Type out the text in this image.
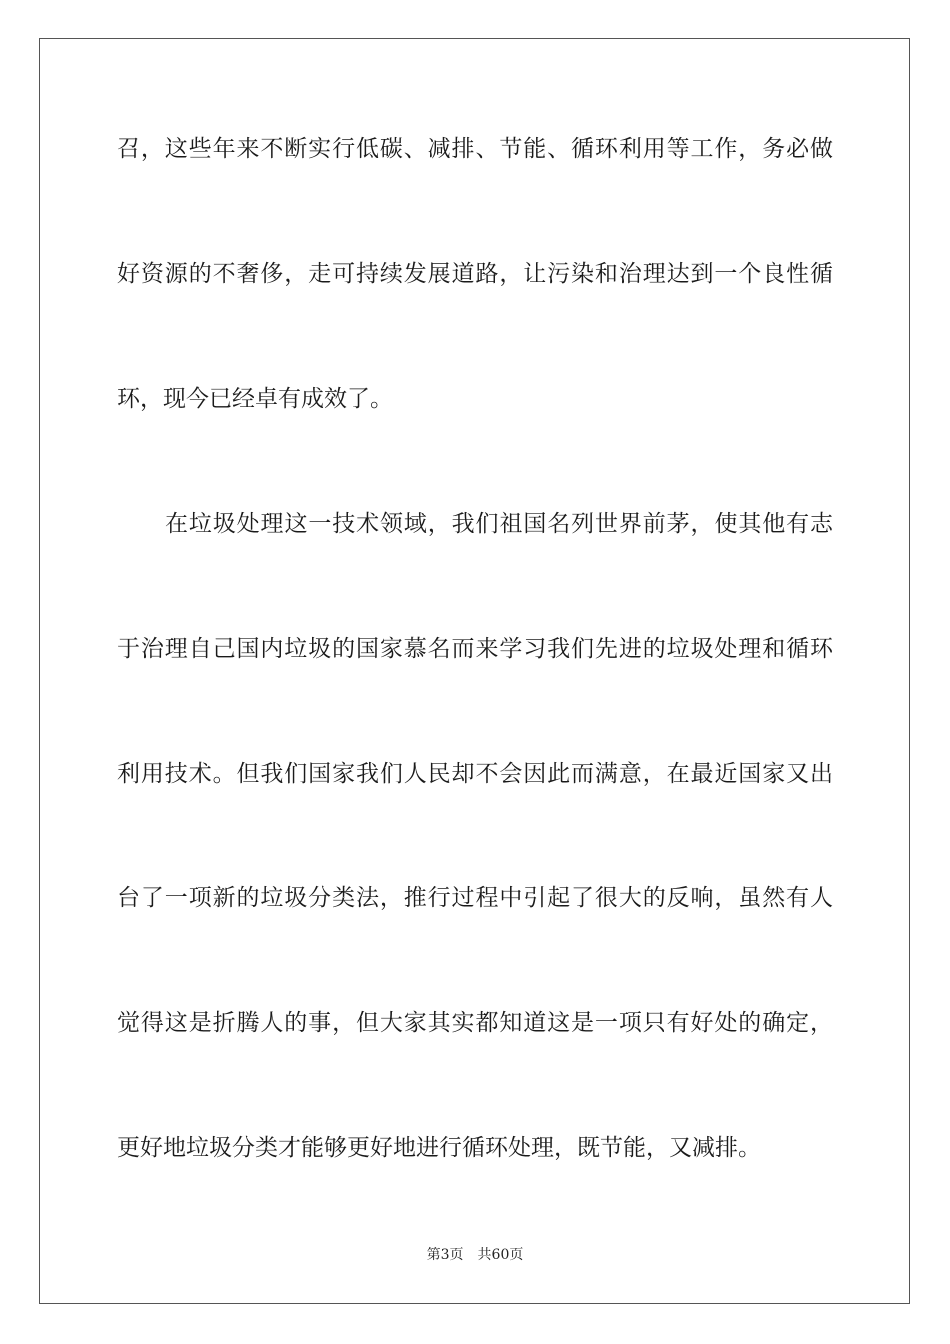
召，这些年来不断实行低碳、减排、节能、循环利用等工作，务必做
好资源的不奢侈，走可持续发展道路，让污染和治理达到一个良性循
环，现今已经卓有成效了。
在垃圾处理这一技术领域，我们祖国名列世界前茅，使其他有志
于治理自己国内垃圾的国家慕名而来学习我们先进的垃圾处理和循环
利用技术。但我们国家我们人民却不会因此而满意，在最近国家又出
台了一项新的垃圾分类法，推行过程中引起了很大的反响，虽然有人
觉得这是折腾人的事，但大家其实都知道这是一项只有好处的确定，
更好地垃圾分类才能够更好地进行循环处理，既节能，又减排。
第3页 共60页
